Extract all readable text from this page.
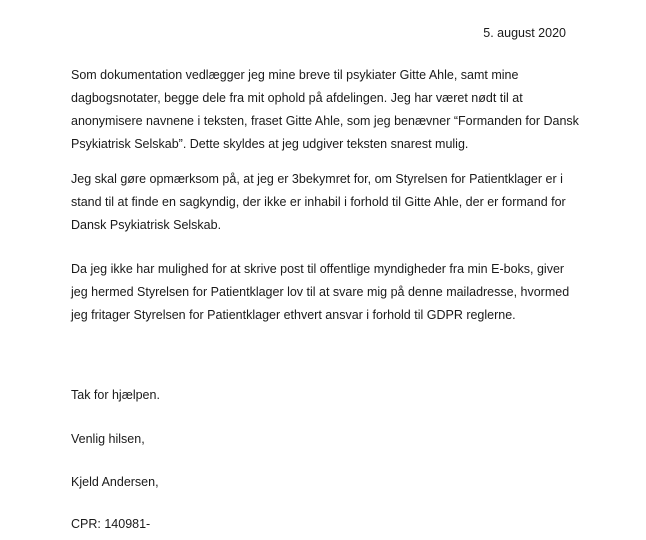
5. august 2020
Som dokumentation vedlægger jeg mine breve til psykiater Gitte Ahle, samt mine
dagbogsnotater, begge dele fra mit ophold på afdelingen. Jeg har været nødt til at
anonymisere navnene i teksten, fraset Gitte Ahle, som jeg benævner “Formanden for Dansk
Psykiatrisk Selskab”. Dette skyldes at jeg udgiver teksten snarest mulig.
Jeg skal gøre opmærksom på, at jeg er 3bekymret for, om Styrelsen for Patientklager er i
stand til at finde en sagkyndig, der ikke er inhabil i forhold til Gitte Ahle, der er formand for
Dansk Psykiatrisk Selskab.
Da jeg ikke har mulighed for at skrive post til offentlige myndigheder fra min E-boks, giver
jeg hermed Styrelsen for Patientklager lov til at svare mig på denne mailadresse, hvormed
jeg fritager Styrelsen for Patientklager ethvert ansvar i forhold til GDPR reglerne.
Tak for hjælpen.
Venlig hilsen,
Kjeld Andersen,
CPR: 140981-
